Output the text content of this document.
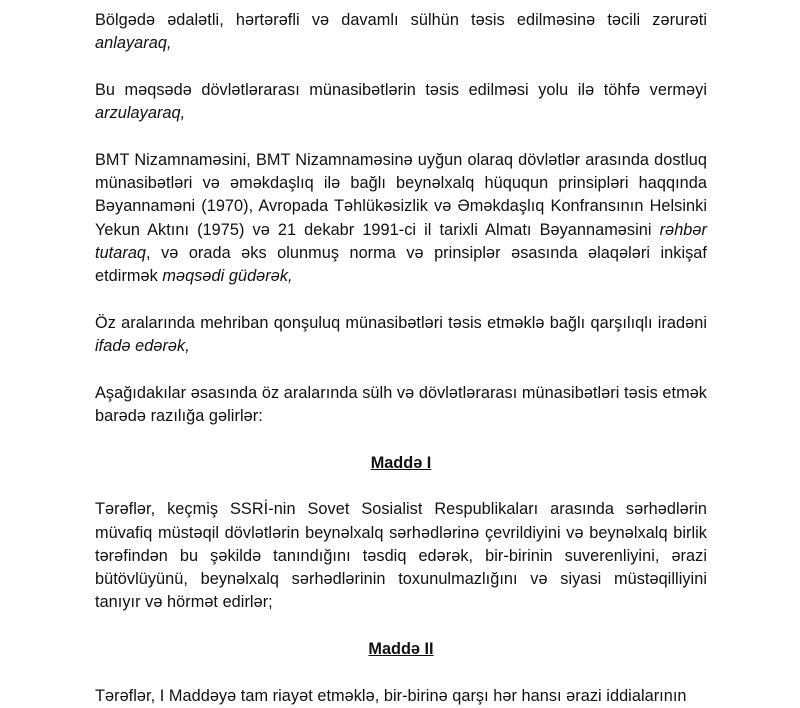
Bölgədə ədalətli, hərtərəfli və davamlı sülhün təsis edilməsinə təcili zərurəti anlayaraq,

Bu məqsədə dövlətlərarası münasibətlərin təsis edilməsi yolu ilə töhfə verməyi arzulayaraq,

BMT Nizamnaməsini, BMT Nizamnaməsinə uyğun olaraq dövlətlər arasında dostluq münasibətləri və əməkdaşlıq ilə bağlı beynəlxalq hüququn prinsipləri haqqında Bəyannaməni (1970), Avropada Təhlükəsizlik və Əməkdaşlıq Konfransının Helsinki Yekun Aktını (1975) və 21 dekabr 1991-ci il tarixli Almatı Bəyannaməsini rəhbər tutaraq, və orada əks olunmuş norma və prinsiplər əsasında əlaqələri inkişaf etdirmək məqsədi güdərək,

Öz aralarında mehriban qonşuluq münasibətləri təsis etməklə bağlı qarşılıqlı iradəni ifadə edərək,

Aşağıdakılar əsasında öz aralarında sülh və dövlətlərarası münasibətləri təsis etmək barədə razılığa gəlirlər:

Maddə I

Tərəflər, keçmiş SSRİ-nin Sovet Sosialist Respublikaları arasında sərhədlərin müvafiq müstəqil dövlətlərin beynəlxalq sərhədlərinə çevrildiyini və beynəlxalq birlik tərəfindən bu şəkildə tanındığını təsdiq edərək, bir-birinin suverenliyini, ərazi bütövlüyünü, beynəlxalq sərhədlərinin toxunulmazlığını və siyasi müstəqilliyini tanıyır və hörmət edirlər;

Maddə II

Tərəflər, I Maddəyə tam riayət etməklə, bir-birinə qarşı hər hansı ərazi iddialarının
